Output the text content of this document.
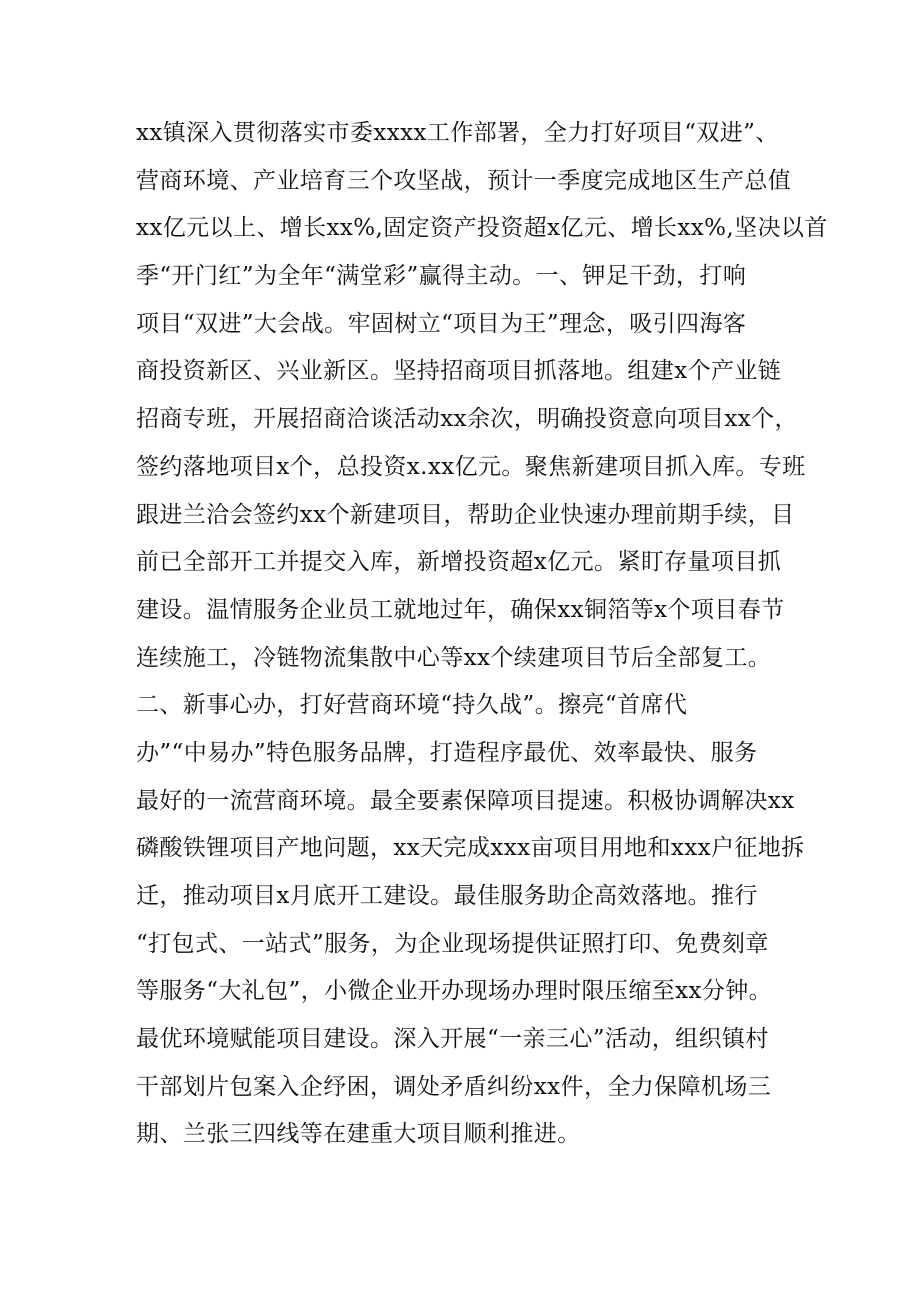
xx镇深入贯彻落实市委xxxx工作部署，全力打好项目“双进”、
营商环境、产业培育三个攻坚战，预计一季度完成地区生产总值
xx亿元以上、增长xx%,固定资产投资超x亿元、增长xx%,坚决以首
季“开门红”为全年“满堂彩”赢得主动。一、钾足干劲，打响
项目“双进”大会战。牢固树立“项目为王”理念，吸引四海客
商投资新区、兴业新区。坚持招商项目抓落地。组建x个产业链
招商专班，开展招商洽谈活动xx余次，明确投资意向项目xx个，
签约落地项目x个，总投资x.xx亿元。聚焦新建项目抓入库。专班
跟进兰洽会签约xx个新建项目，帮助企业快速办理前期手续，目
前已全部开工并提交入库，新增投资超x亿元。紧盯存量项目抓
建设。温情服务企业员工就地过年，确保xx铜箔等x个项目春节
连续施工，冷链物流集散中心等xx个续建项目节后全部复工。
二、新事心办，打好营商环境“持久战”。擦亮“首席代
办”“中易办”特色服务品牌，打造程序最优、效率最快、服务
最好的一流营商环境。最全要素保障项目提速。积极协调解决xx
磷酸铁锂项目产地问题，xx天完成xxx亩项目用地和xxx户征地拆
迁，推动项目x月底开工建设。最佳服务助企高效落地。推行
“打包式、一站式”服务，为企业现场提供证照打印、免费刻章
等服务“大礼包”，小微企业开办现场办理时限压缩至xx分钟。
最优环境赋能项目建设。深入开展“一亲三心”活动，组织镇村
干部划片包案入企纾困，调处矛盾纠纷xx件，全力保障机场三
期、兰张三四线等在建重大项目顺利推进。
